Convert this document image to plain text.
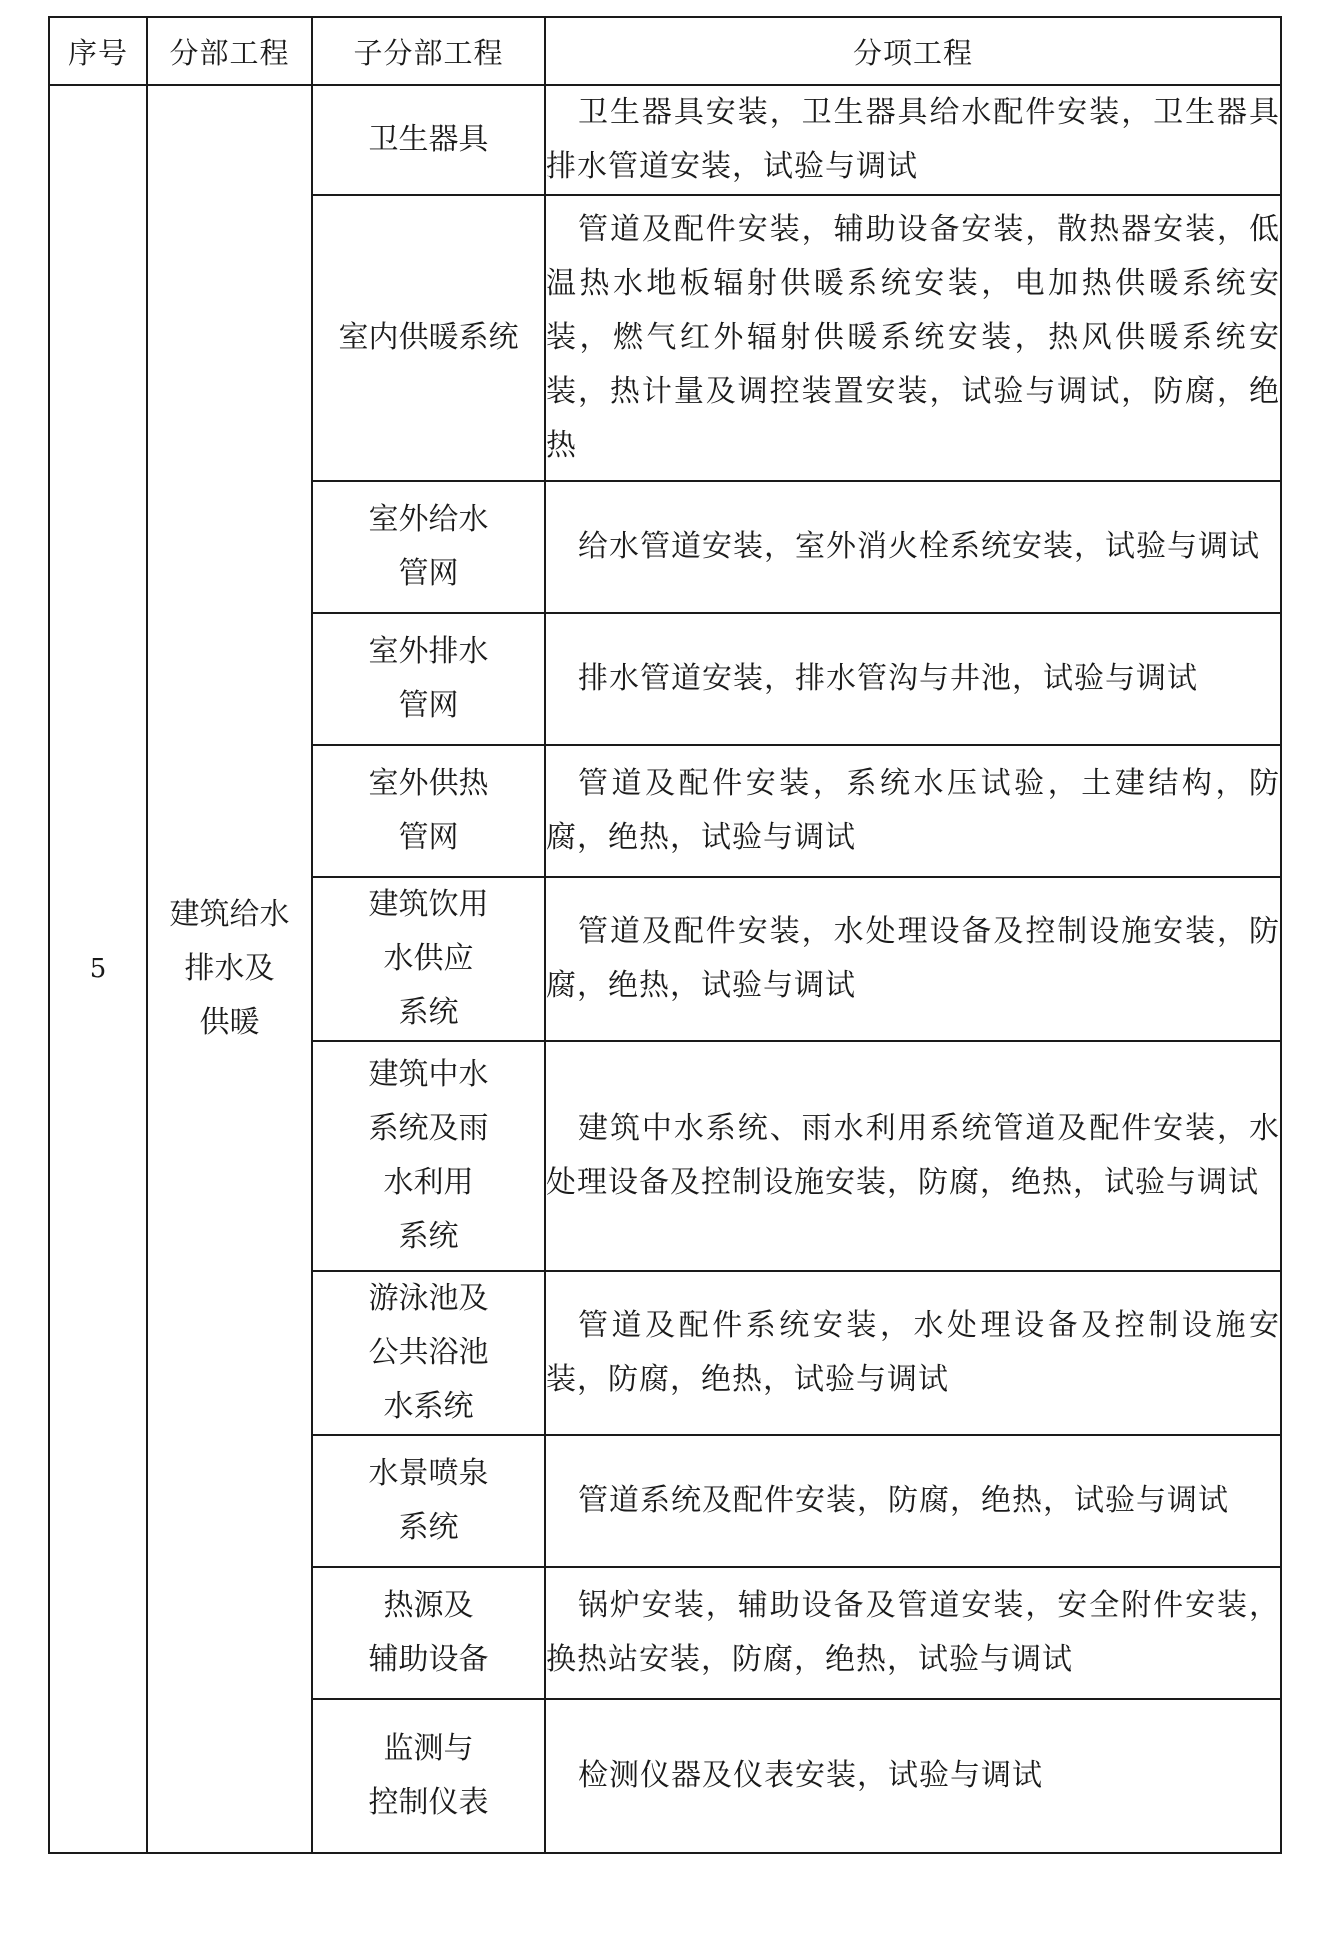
序号	分部工程	子分部工程	分项工程
5	建筑给水
排水及
供暖	卫生器具	卫生器具安装，卫生器具给水配件安装，卫生器具排水管道安装，试验与调试
		室内供暖系统	管道及配件安装，辅助设备安装，散热器安装，低温热水地板辐射供暖系统安装，电加热供暖系统安装，燃气红外辐射供暖系统安装，热风供暖系统安装，热计量及调控装置安装，试验与调试，防腐，绝热
		室外给水
管网	给水管道安装，室外消火栓系统安装，试验与调试
		室外排水
管网	排水管道安装，排水管沟与井池，试验与调试
		室外供热
管网	管道及配件安装，系统水压试验，土建结构，防腐，绝热，试验与调试
		建筑饮用
水供应
系统	管道及配件安装，水处理设备及控制设施安装，防腐，绝热，试验与调试
		建筑中水
系统及雨
水利用
系统	建筑中水系统、雨水利用系统管道及配件安装，水处理设备及控制设施安装，防腐，绝热，试验与调试
		游泳池及
公共浴池
水系统	管道及配件系统安装，水处理设备及控制设施安装，防腐，绝热，试验与调试
		水景喷泉
系统	管道系统及配件安装，防腐，绝热，试验与调试
		热源及
辅助设备	锅炉安装，辅助设备及管道安装，安全附件安装，换热站安装，防腐，绝热，试验与调试
		监测与
控制仪表	检测仪器及仪表安装，试验与调试
